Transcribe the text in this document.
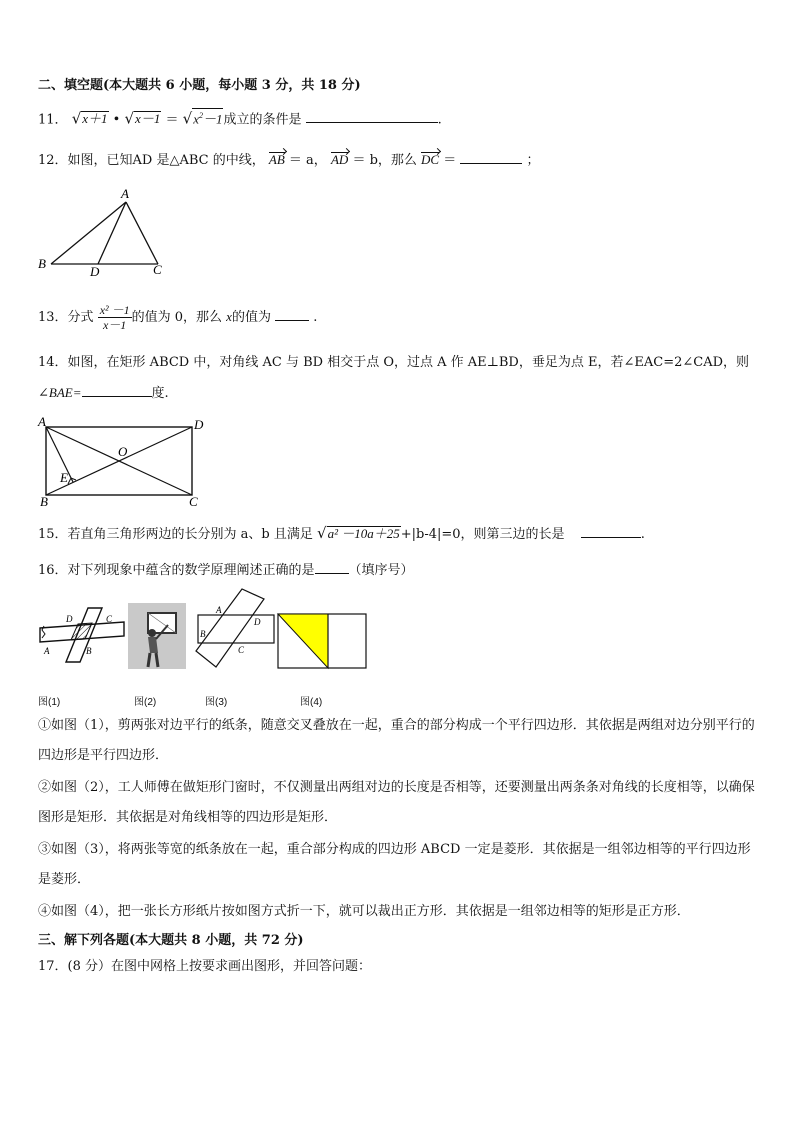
二、填空题(本大题共 6 小题，每小题 3 分，共 18 分)
11． √x＋1 • $√x-1 = √x^2-1$成立的条件是	.
12．如图，已知AD 是△ABC 的中线， AB ＝ a， AD ＝ b，那么 DC ＝	；
A
B	C
D
13．分式 $\frac{\text{x² －1}}{x-1}$ 的值为 0，那么 x的值为	.
14．如图，在矩形 ABCD 中，对角线 AC 与 BD 相交于点 O，过点 A 作 AE⊥BD，垂足为点 E，若∠EAC=2∠CAD，则
∠BAE=	度.
A	D
B	C
O
E
15．若直角三角形两边的长分别为 a、b 且满足 √a² －10a＋25+|b-4|=0，则第三边的长是	.
16．对下列现象中蕴含的数学原理阐述正确的是	（填序号）
D	C
A	B
A
B
D
C
图(1)	图(2)	图(3)	图(4)
①如图（1），剪两张对边平行的纸条，随意交叉叠放在一起，重合的部分构成一个平行四边形．其依据是两组对边分别平行的四边形是平行四边形．
②如图（2），工人师傅在做矩形门窗时，不仅测量出两组对边的长度是否相等，还要测量出两条条对角线的长度相等，以确保图形是矩形．其依据是对角线相等的四边形是矩形．
③如图（3），将两张等宽的纸条放在一起，重合部分构成的四边形 ABCD 一定是菱形．其依据是一组邻边相等的平行四边形是菱形．
④如图（4），把一张长方形纸片按如图方式折一下，就可以裁出正方形．其依据是一组邻边相等的矩形是正方形．
三、解下列各题(本大题共 8 小题，共 72 分)
17．(8 分）在图中网格上按要求画出图形，并回答问题：
